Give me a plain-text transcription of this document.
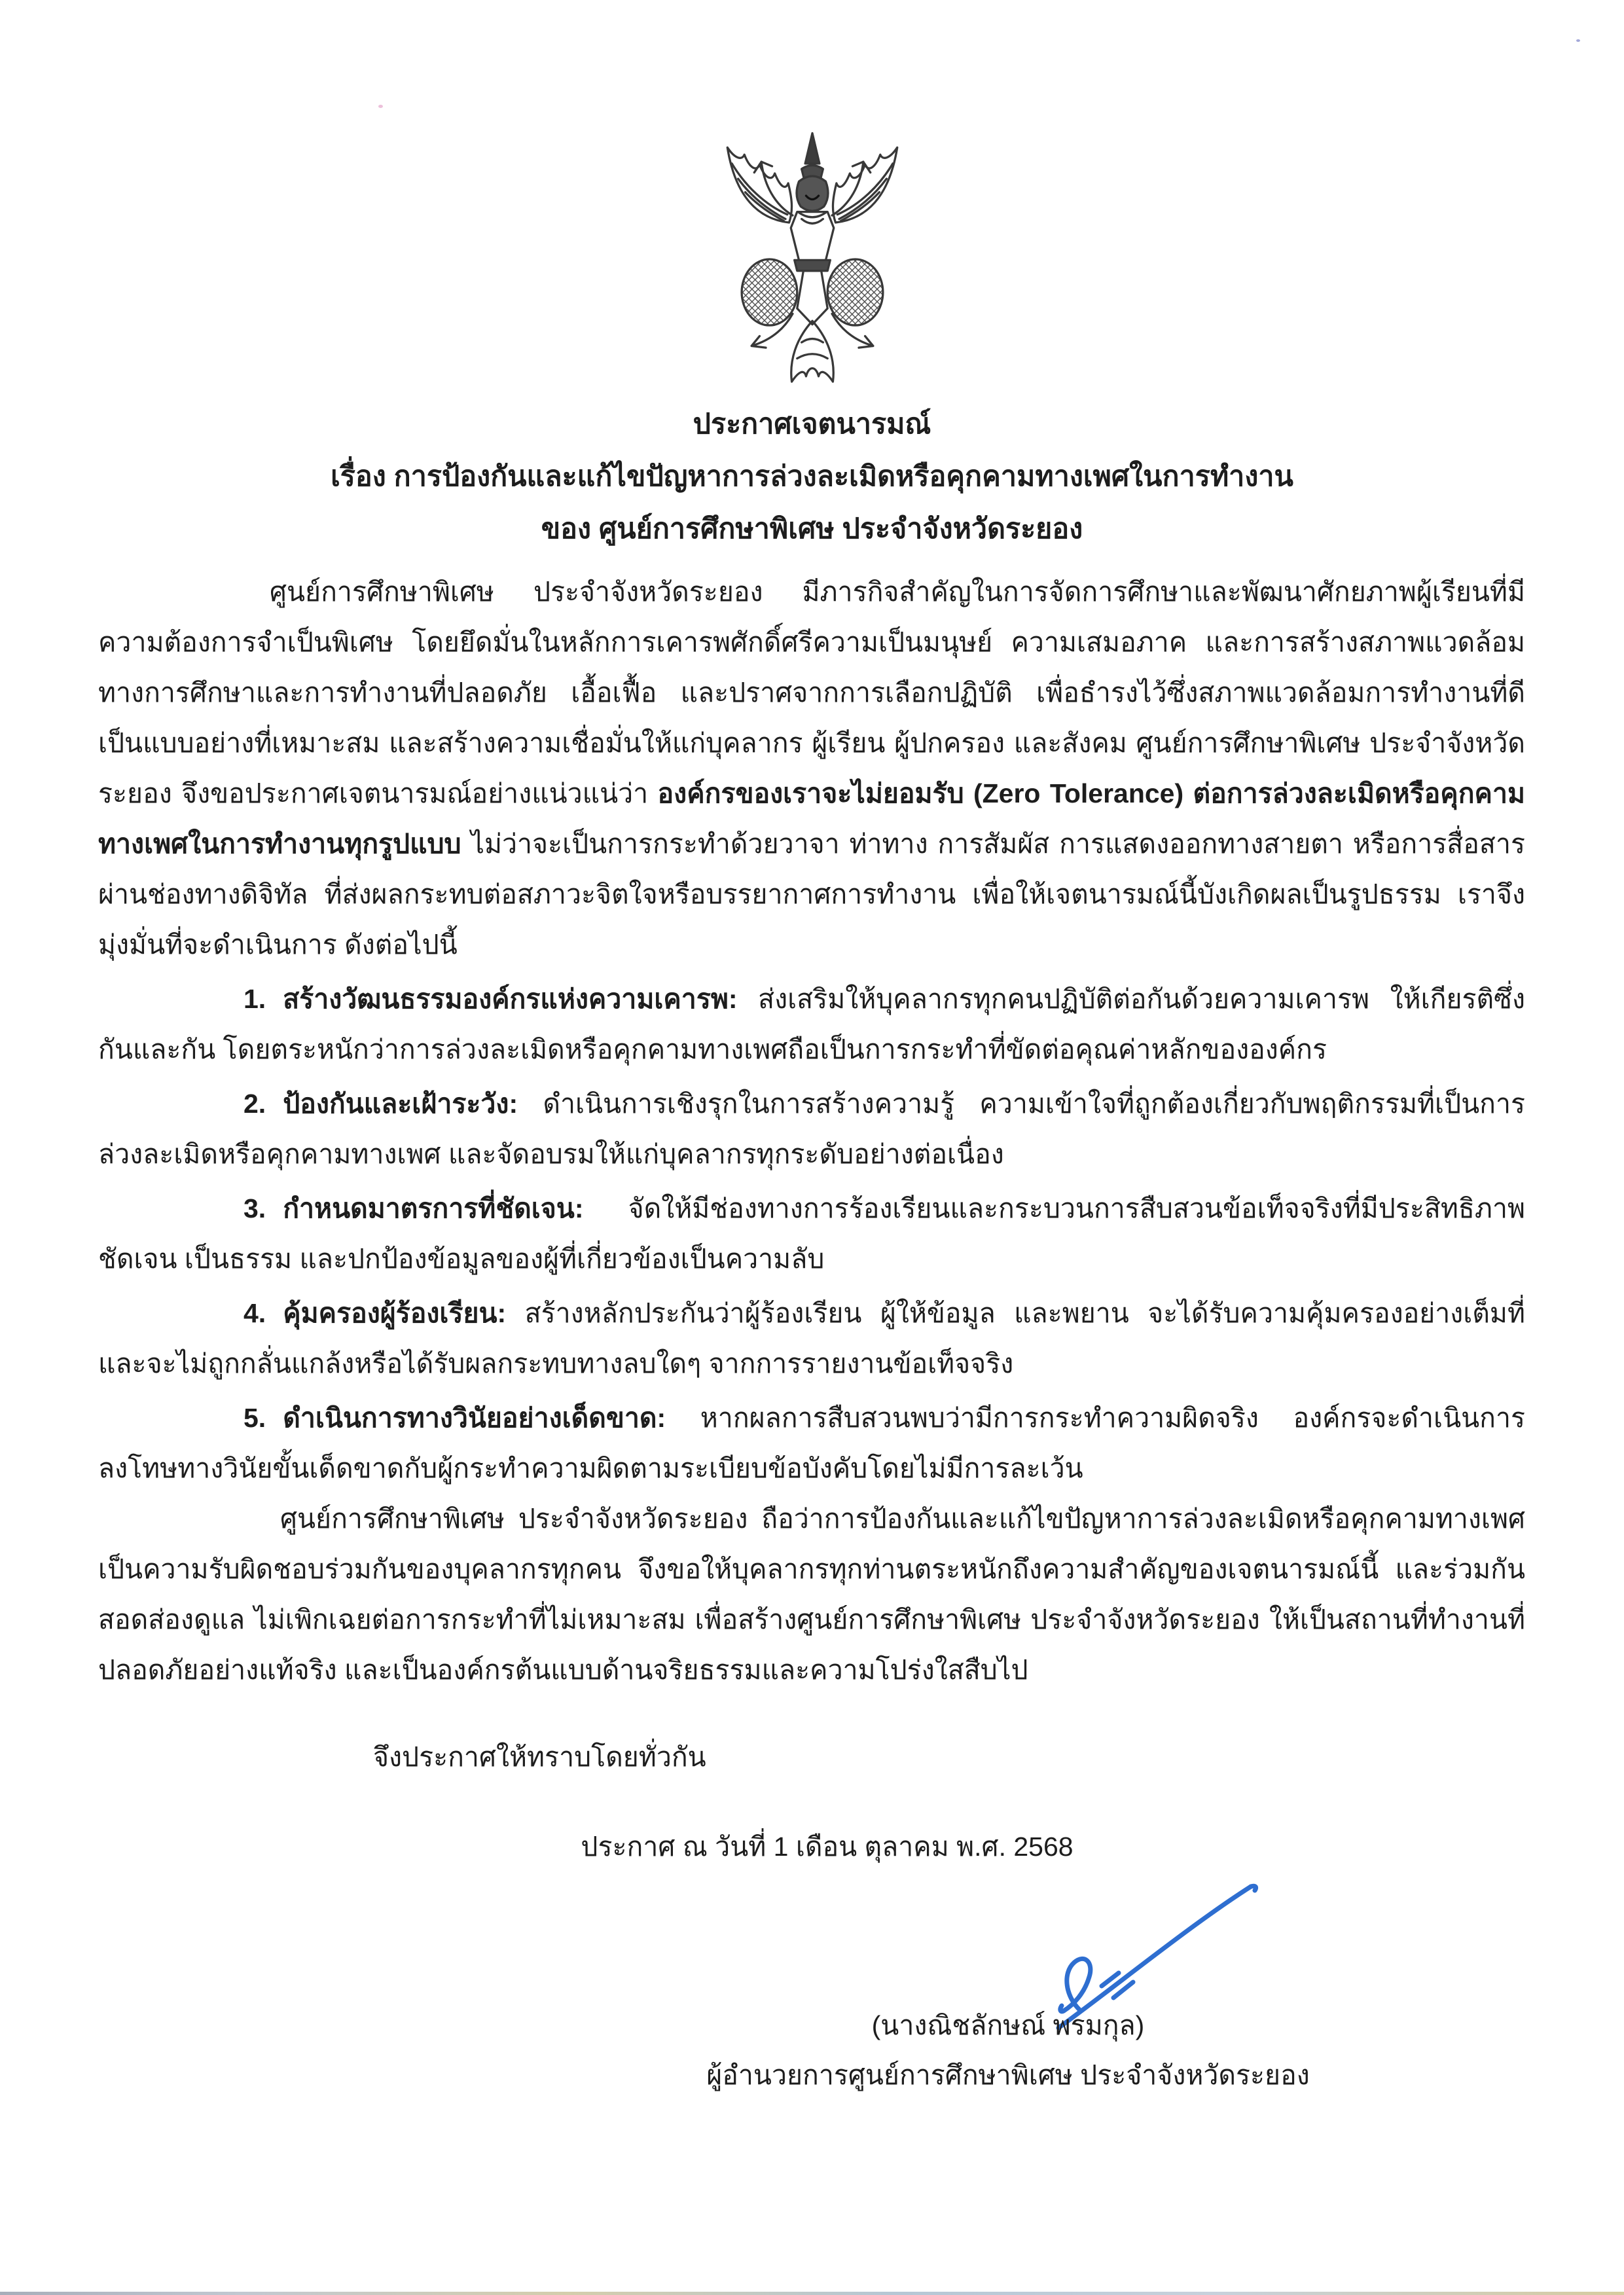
ประกาศเจตนารมณ์
เรื่อง การป้องกันและแก้ไขปัญหาการล่วงละเมิดหรือคุกคามทางเพศในการทำงาน
ของ ศูนย์การศึกษาพิเศษ ประจำจังหวัดระยอง

ศูนย์การศึกษาพิเศษ ประจำจังหวัดระยอง มีภารกิจสำคัญในการจัดการศึกษาและพัฒนาศักยภาพผู้เรียนที่มีความต้องการจำเป็นพิเศษ โดยยึดมั่นในหลักการเคารพศักดิ์ศรีความเป็นมนุษย์ ความเสมอภาค และการสร้างสภาพแวดล้อมทางการศึกษาและการทำงานที่ปลอดภัย เอื้อเฟื้อ และปราศจากการเลือกปฏิบัติ เพื่อธำรงไว้ซึ่งสภาพแวดล้อมการทำงานที่ดี เป็นแบบอย่างที่เหมาะสม และสร้างความเชื่อมั่นให้แก่บุคลากร ผู้เรียน ผู้ปกครอง และสังคม ศูนย์การศึกษาพิเศษ ประจำจังหวัดระยอง จึงขอประกาศเจตนารมณ์อย่างแน่วแน่ว่า องค์กรของเราจะไม่ยอมรับ (Zero Tolerance) ต่อการล่วงละเมิดหรือคุกคามทางเพศในการทำงานทุกรูปแบบ ไม่ว่าจะเป็นการกระทำด้วยวาจา ท่าทาง การสัมผัส การแสดงออกทางสายตา หรือการสื่อสารผ่านช่องทางดิจิทัล ที่ส่งผลกระทบต่อสภาวะจิตใจหรือบรรยากาศการทำงาน เพื่อให้เจตนารมณ์นี้บังเกิดผลเป็นรูปธรรม เราจึงมุ่งมั่นที่จะดำเนินการ ดังต่อไปนี้

1. สร้างวัฒนธรรมองค์กรแห่งความเคารพ: ส่งเสริมให้บุคลากรทุกคนปฏิบัติต่อกันด้วยความเคารพ ให้เกียรติซึ่งกันและกัน โดยตระหนักว่าการล่วงละเมิดหรือคุกคามทางเพศถือเป็นการกระทำที่ขัดต่อคุณค่าหลักขององค์กร

2. ป้องกันและเฝ้าระวัง: ดำเนินการเชิงรุกในการสร้างความรู้ ความเข้าใจที่ถูกต้องเกี่ยวกับพฤติกรรมที่เป็นการล่วงละเมิดหรือคุกคามทางเพศ และจัดอบรมให้แก่บุคลากรทุกระดับอย่างต่อเนื่อง

3. กำหนดมาตรการที่ชัดเจน: จัดให้มีช่องทางการร้องเรียนและกระบวนการสืบสวนข้อเท็จจริงที่มีประสิทธิภาพ ชัดเจน เป็นธรรม และปกป้องข้อมูลของผู้ที่เกี่ยวข้องเป็นความลับ

4. คุ้มครองผู้ร้องเรียน: สร้างหลักประกันว่าผู้ร้องเรียน ผู้ให้ข้อมูล และพยาน จะได้รับความคุ้มครองอย่างเต็มที่ และจะไม่ถูกกลั่นแกล้งหรือได้รับผลกระทบทางลบใดๆ จากการรายงานข้อเท็จจริง

5. ดำเนินการทางวินัยอย่างเด็ดขาด: หากผลการสืบสวนพบว่ามีการกระทำความผิดจริง องค์กรจะดำเนินการลงโทษทางวินัยขั้นเด็ดขาดกับผู้กระทำความผิดตามระเบียบข้อบังคับโดยไม่มีการละเว้น

ศูนย์การศึกษาพิเศษ ประจำจังหวัดระยอง ถือว่าการป้องกันและแก้ไขปัญหาการล่วงละเมิดหรือคุกคามทางเพศเป็นความรับผิดชอบร่วมกันของบุคลากรทุกคน จึงขอให้บุคลากรทุกท่านตระหนักถึงความสำคัญของเจตนารมณ์นี้ และร่วมกันสอดส่องดูแล ไม่เพิกเฉยต่อการกระทำที่ไม่เหมาะสม เพื่อสร้างศูนย์การศึกษาพิเศษ ประจำจังหวัดระยอง ให้เป็นสถานที่ทำงานที่ปลอดภัยอย่างแท้จริง และเป็นองค์กรต้นแบบด้านจริยธรรมและความโปร่งใสสืบไป

จึงประกาศให้ทราบโดยทั่วกัน

ประกาศ ณ วันที่ 1 เดือน ตุลาคม พ.ศ. 2568
(นางณิชลักษณ์ พรมกุล)
ผู้อำนวยการศูนย์การศึกษาพิเศษ ประจำจังหวัดระยอง
